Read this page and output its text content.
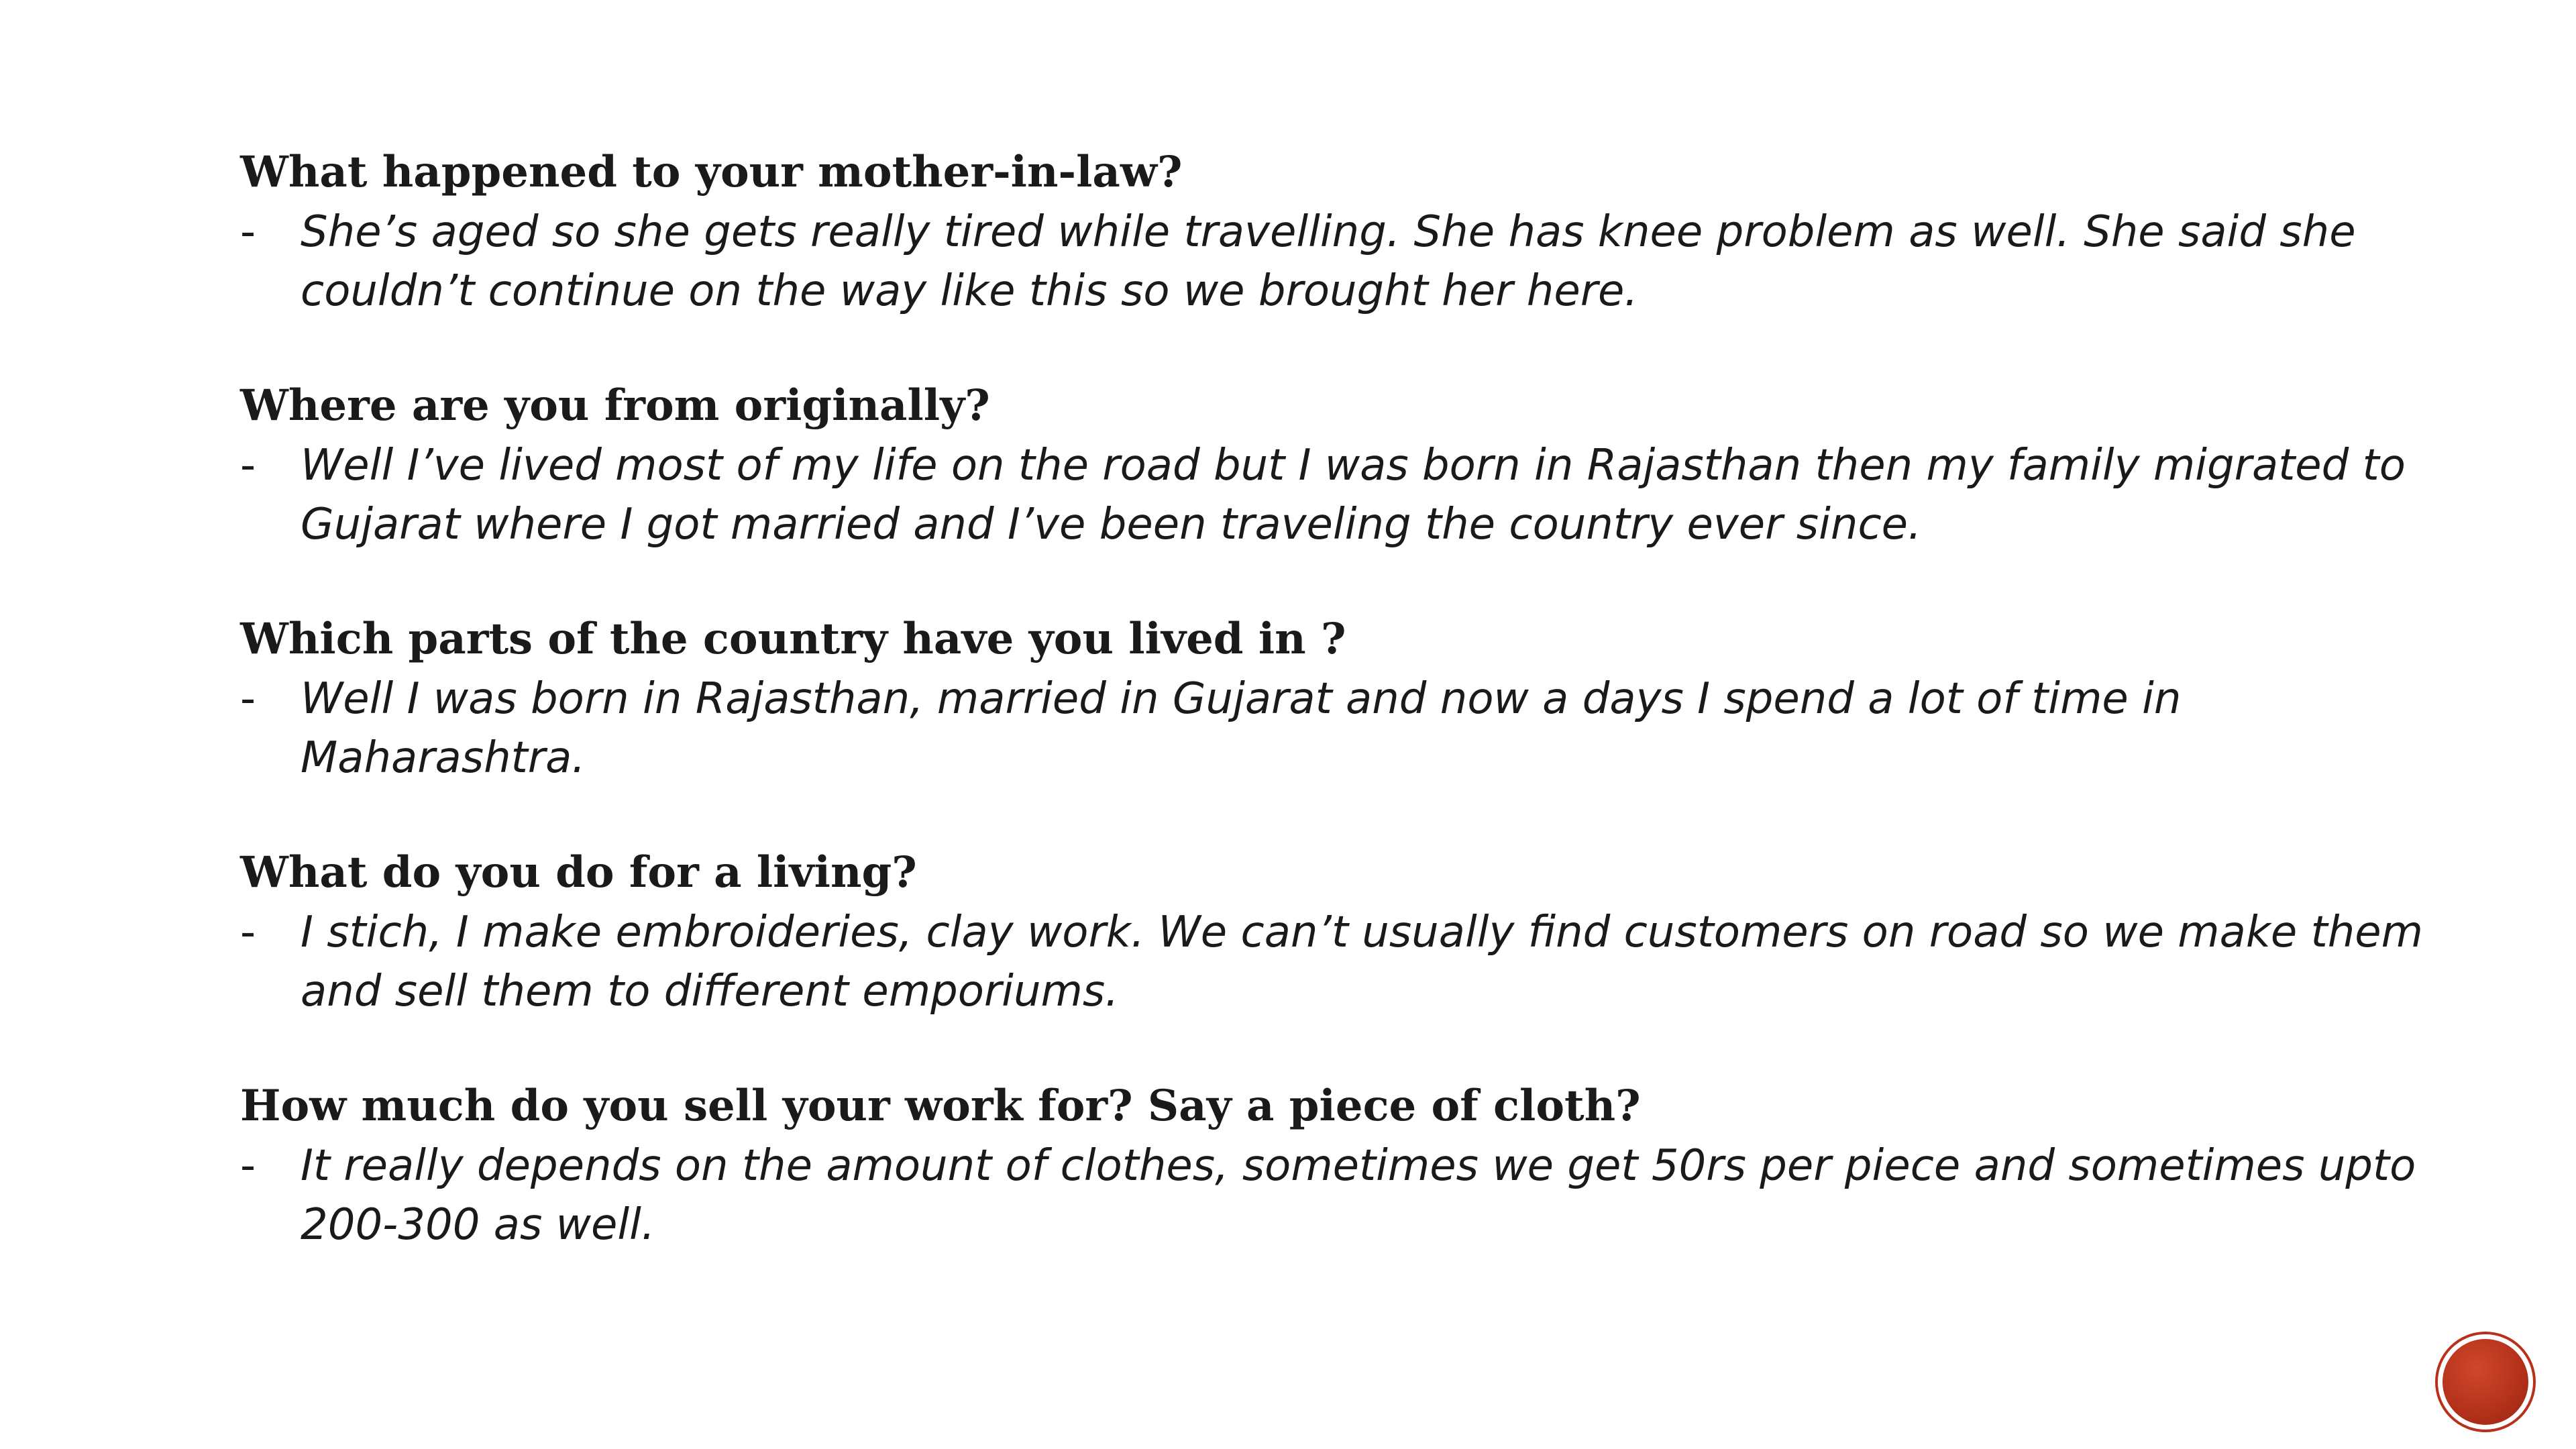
What happened to your mother-in-law?

- She’s aged so she gets really tired while travelling. She has knee problem as well. She said she
couldn’t continue on the way like this so we brought her here.

Where are you from originally?

- Well I’ve lived most of my life on the road but I was born in Rajasthan then my family migrated to
Gujarat where I got married and I’ve been traveling the country ever since.

Which parts of the country have you lived in ?

- Well I was born in Rajasthan, married in Gujarat and now a days I spend a lot of time in
Maharashtra.

What do you do for a living?

- I stich, I make embroideries, clay work. We can’t usually find customers on road so we make them
and sell them to different emporiums.

How much do you sell your work for? Say a piece of cloth?

- It really depends on the amount of clothes, sometimes we get 50rs per piece and sometimes upto
200-300 as well.
